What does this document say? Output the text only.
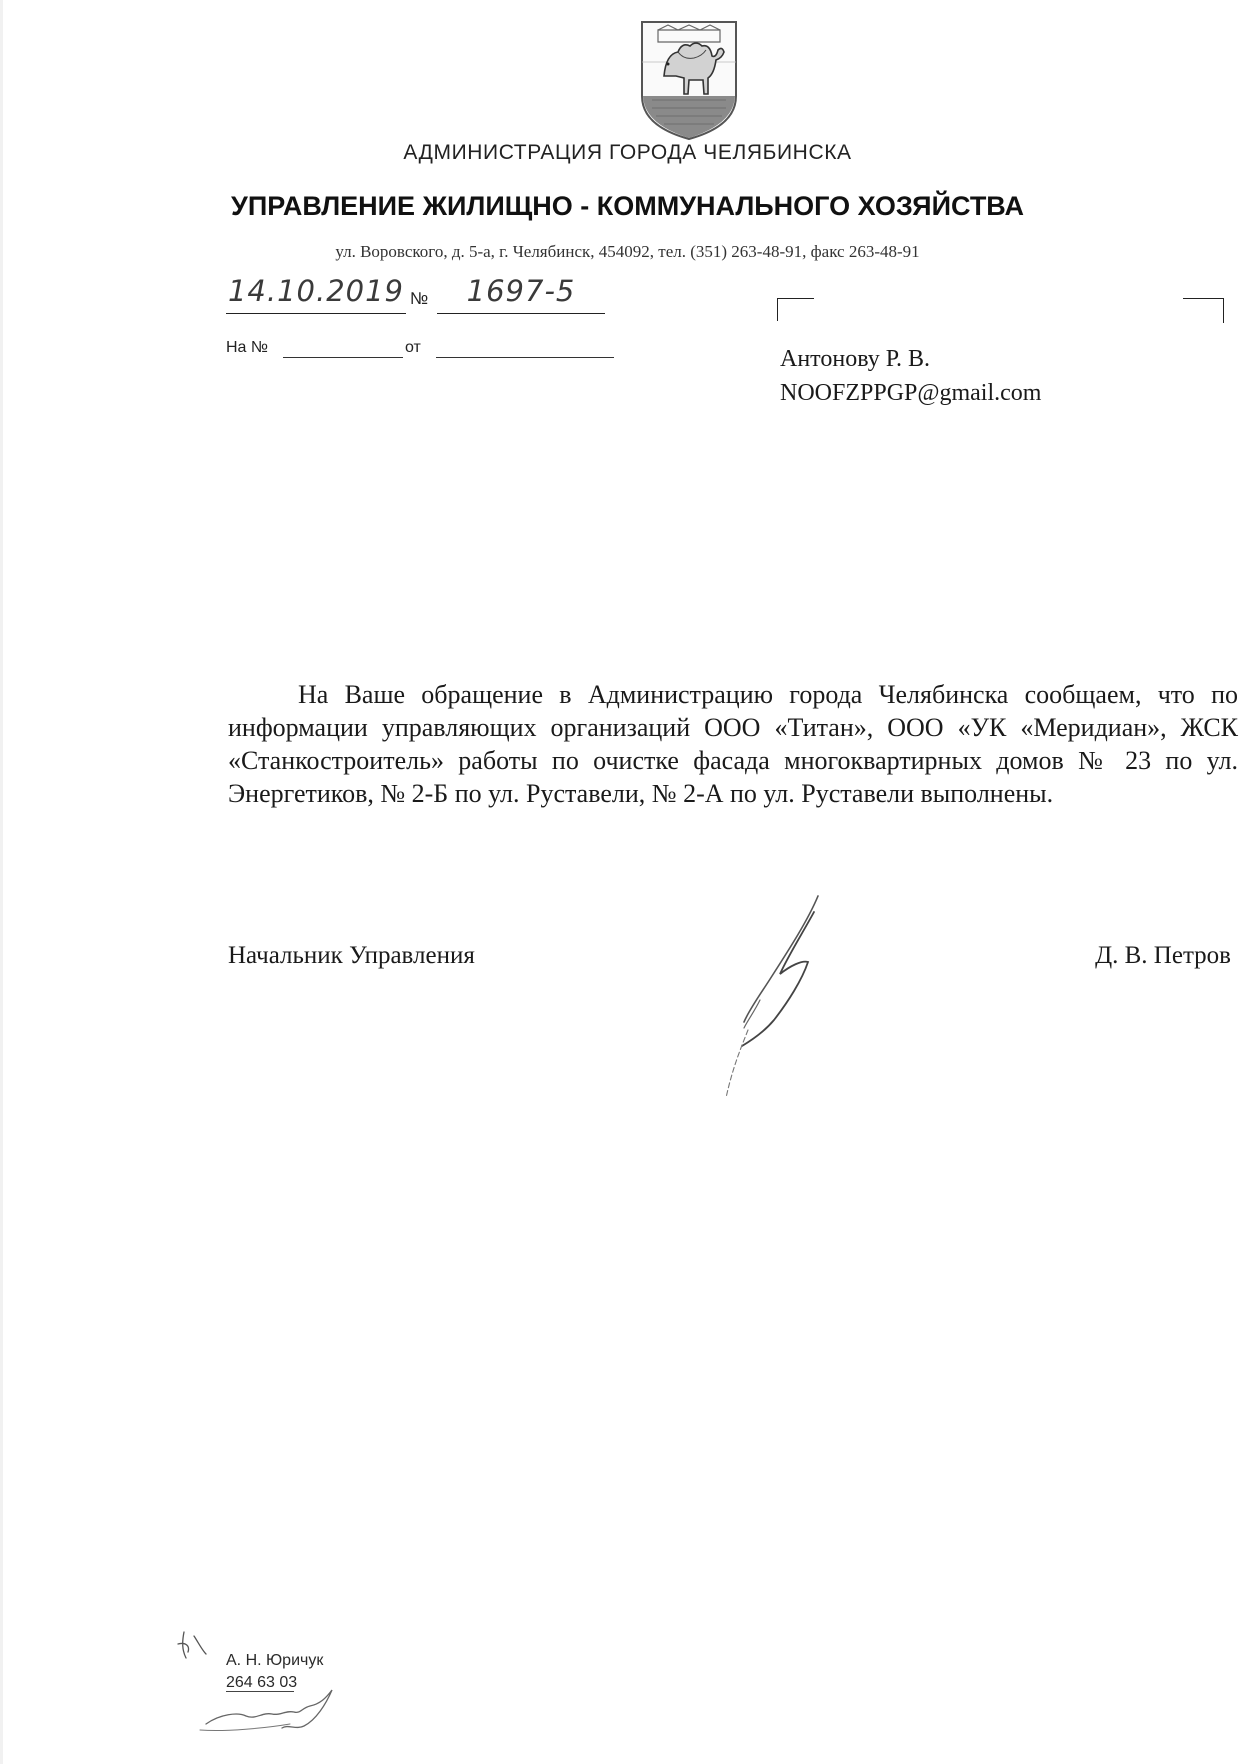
АДМИНИСТРАЦИЯ ГОРОДА ЧЕЛЯБИНСКА
УПРАВЛЕНИЕ ЖИЛИЩНО - КОММУНАЛЬНОГО ХОЗЯЙСТВА
ул. Воровского, д. 5-а, г. Челябинск, 454092, тел. (351) 263-48-91, факс 263-48-91
14.10.2019 №	1697-5
На №	от	Антонову Р. В.
NOOFZPPGP@gmail.com
На Ваше обращение в Администрацию города Челябинска сообщаем, что по информации управляющих организаций ООО «Титан», ООО «УК «Меридиан», ЖСК «Станкостроитель» работы по очистке фасада многоквартирных домов № 23 по ул. Энергетиков, № 2-Б по ул. Руставели, № 2-А по ул. Руставели выполнены.
Начальник Управления	Д. В. Петров
А. Н. Юричук
264 63 03
